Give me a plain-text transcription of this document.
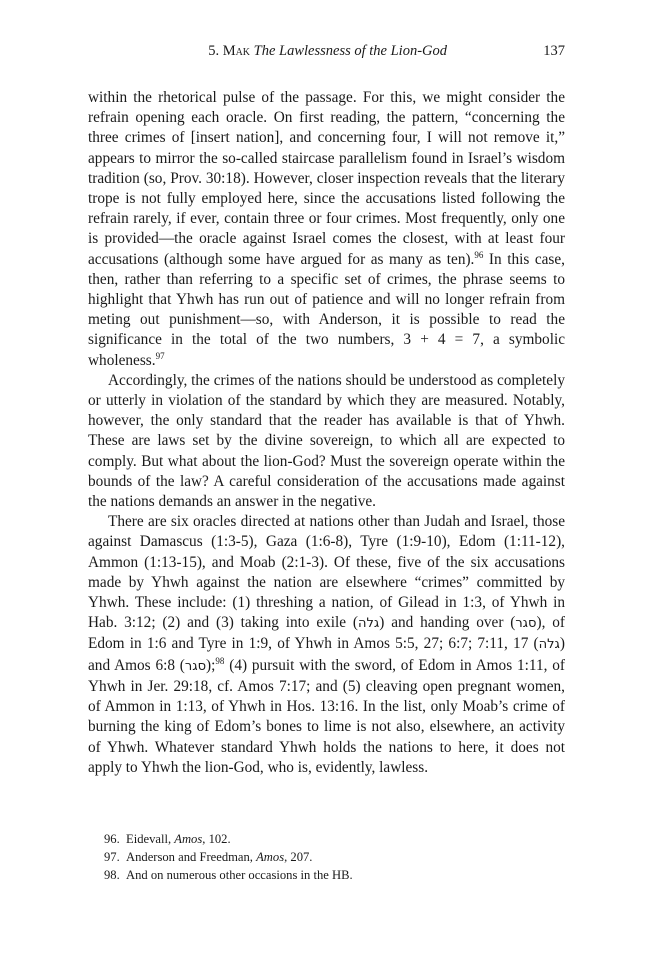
5. Mak The Lawlessness of the Lion-God	137

within the rhetorical pulse of the passage. For this, we might consider the refrain opening each oracle. On first reading, the pattern, “concerning the three crimes of [insert nation], and concerning four, I will not remove it,” appears to mirror the so-called staircase parallelism found in Israel’s wisdom tradition (so, Prov. 30:18). However, closer inspection reveals that the literary trope is not fully employed here, since the accusations listed following the refrain rarely, if ever, contain three or four crimes. Most frequently, only one is provided—the oracle against Israel comes the closest, with at least four accusations (although some have argued for as many as ten).$^{96}$ In this case, then, rather than referring to a specific set of crimes, the phrase seems to highlight that Yhwh has run out of patience and will no longer refrain from meting out punishment—so, with Anderson, it is possible to read the significance in the total of the two numbers, 3 + 4 = 7, a symbolic wholeness.$^{97}$

Accordingly, the crimes of the nations should be understood as completely or utterly in violation of the standard by which they are measured. Notably, however, the only standard that the reader has available is that of Yhwh. These are laws set by the divine sovereign, to which all are expected to comply. But what about the lion-God? Must the sovereign operate within the bounds of the law? A careful consideration of the accusations made against the nations demands an answer in the negative.

There are six oracles directed at nations other than Judah and Israel, those against Damascus (1:3-5), Gaza (1:6-8), Tyre (1:9-10), Edom (1:11-12), Ammon (1:13-15), and Moab (2:1-3). Of these, five of the six accusations made by Yhwh against the nation are elsewhere “crimes” committed by Yhwh. These include: (1) threshing a nation, of Gilead in 1:3, of Yhwh in Hab. 3:12; (2) and (3) taking into exile (גלה) and handing over (סגר), of Edom in 1:6 and Tyre in 1:9, of Yhwh in Amos 5:5, 27; 6:7; 7:11, 17 (גלה) and Amos 6:8 (סגר);$^{98}$ (4) pursuit with the sword, of Edom in Amos 1:11, of Yhwh in Jer. 29:18, cf. Amos 7:17; and (5) cleaving open pregnant women, of Ammon in 1:13, of Yhwh in Hos. 13:16. In the list, only Moab’s crime of burning the king of Edom’s bones to lime is not also, elsewhere, an activity of Yhwh. Whatever standard Yhwh holds the nations to here, it does not apply to Yhwh the lion-God, who is, evidently, lawless.

96. Eidevall, Amos, 102.
97. Anderson and Freedman, Amos, 207.
98. And on numerous other occasions in the HB.
